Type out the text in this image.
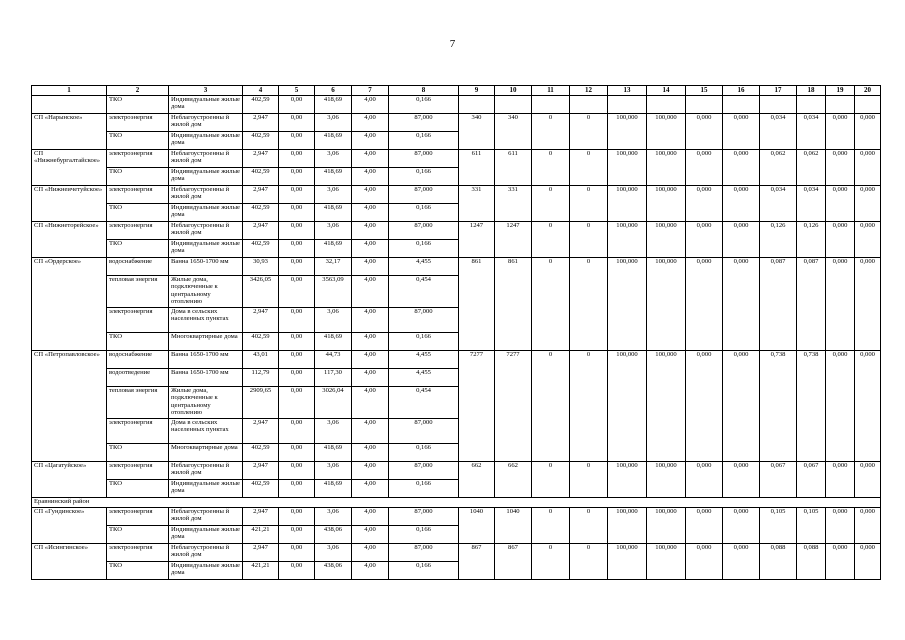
7
1	2	3	4	5	6	7	8	9	10	11	12	13	14	15	16	17	18	19	20
	ТКО	Индивидуальные жилые дома	402,59	0,00	418,69	4,00	0,166												
СП «Нарынское»	электроэнергия	Неблагоустроенны й жилой дом	2,947	0,00	3,06	4,00	87,000	340	340	0	0	100,000	100,000	0,000	0,000	0,034	0,034	0,000	0,000
	ТКО	Индивидуальные жилые дома	402,59	0,00	418,69	4,00	0,166												
СП «Нижнебургалтайское»	электроэнергия	Неблагоустроенны й жилой дом	2,947	0,00	3,06	4,00	87,000	611	611	0	0	100,000	100,000	0,000	0,000	0,062	0,062	0,000	0,000
	ТКО	Индивидуальные жилые дома	402,59	0,00	418,69	4,00	0,166												
СП «Нижнеичетуйское»	электроэнергия	Неблагоустроенны й жилой дом	2,947	0,00	3,06	4,00	87,000	331	331	0	0	100,000	100,000	0,000	0,000	0,034	0,034	0,000	0,000
	ТКО	Индивидуальные жилые дома	402,59	0,00	418,69	4,00	0,166												
СП «Нижнеторейское»	электроэнергия	Неблагоустроенны й жилой дом	2,947	0,00	3,06	4,00	87,000	1247	1247	0	0	100,000	100,000	0,000	0,000	0,126	0,126	0,000	0,000
	ТКО	Индивидуальные жилые дома	402,59	0,00	418,69	4,00	0,166												
СП «Ордерское»	водоснабжение	Ванна 1650-1700 мм	30,93	0,00	32,17	4,00	4,455	861	861	0	0	100,000	100,000	0,000	0,000	0,087	0,087	0,000	0,000
	тепловая энергия	Жилые дома, подключенные к центральному отоплению	3426,05	0,00	3563,09	4,00	0,454												
	электроэнергия	Дома в сельских населенных пунктах	2,947	0,00	3,06	4,00	87,000												
	ТКО	Многоквартирные дома	402,59	0,00	418,69	4,00	0,166												
СП «Петропавловское»	водоснабжение	Ванна 1650-1700 мм	43,01	0,00	44,73	4,00	4,455	7277	7277	0	0	100,000	100,000	0,000	0,000	0,738	0,738	0,000	0,000
	водоотведение	Ванна 1650-1700 мм	112,79	0,00	117,30	4,00	4,455												
	тепловая энергия	Жилые дома, подключенные к центральному отоплению	2909,65	0,00	3026,04	4,00	0,454												
	электроэнергия	Дома в сельских населенных пунктах	2,947	0,00	3,06	4,00	87,000												
	ТКО	Многоквартирные дома	402,59	0,00	418,69	4,00	0,166												
СП «Цагатуйское»	электроэнергия	Неблагоустроенны й жилой дом	2,947	0,00	3,06	4,00	87,000	662	662	0	0	100,000	100,000	0,000	0,000	0,067	0,067	0,000	0,000
	ТКО	Индивидуальные жилые дома	402,59	0,00	418,69	4,00	0,166												
Еравнинский район																			
СП «Гундинское»	электроэнергия	Неблагоустроенны й жилой дом	2,947	0,00	3,06	4,00	87,000	1040	1040	0	0	100,000	100,000	0,000	0,000	0,105	0,105	0,000	0,000
	ТКО	Индивидуальные жилые дома	421,21	0,00	438,06	4,00	0,166												
СП «Исингинское»	электроэнергия	Неблагоустроенны й жилой дом	2,947	0,00	3,06	4,00	87,000	867	867	0	0	100,000	100,000	0,000	0,000	0,088	0,088	0,000	0,000
	ТКО	Индивидуальные жилые дома	421,21	0,00	438,06	4,00	0,166												
